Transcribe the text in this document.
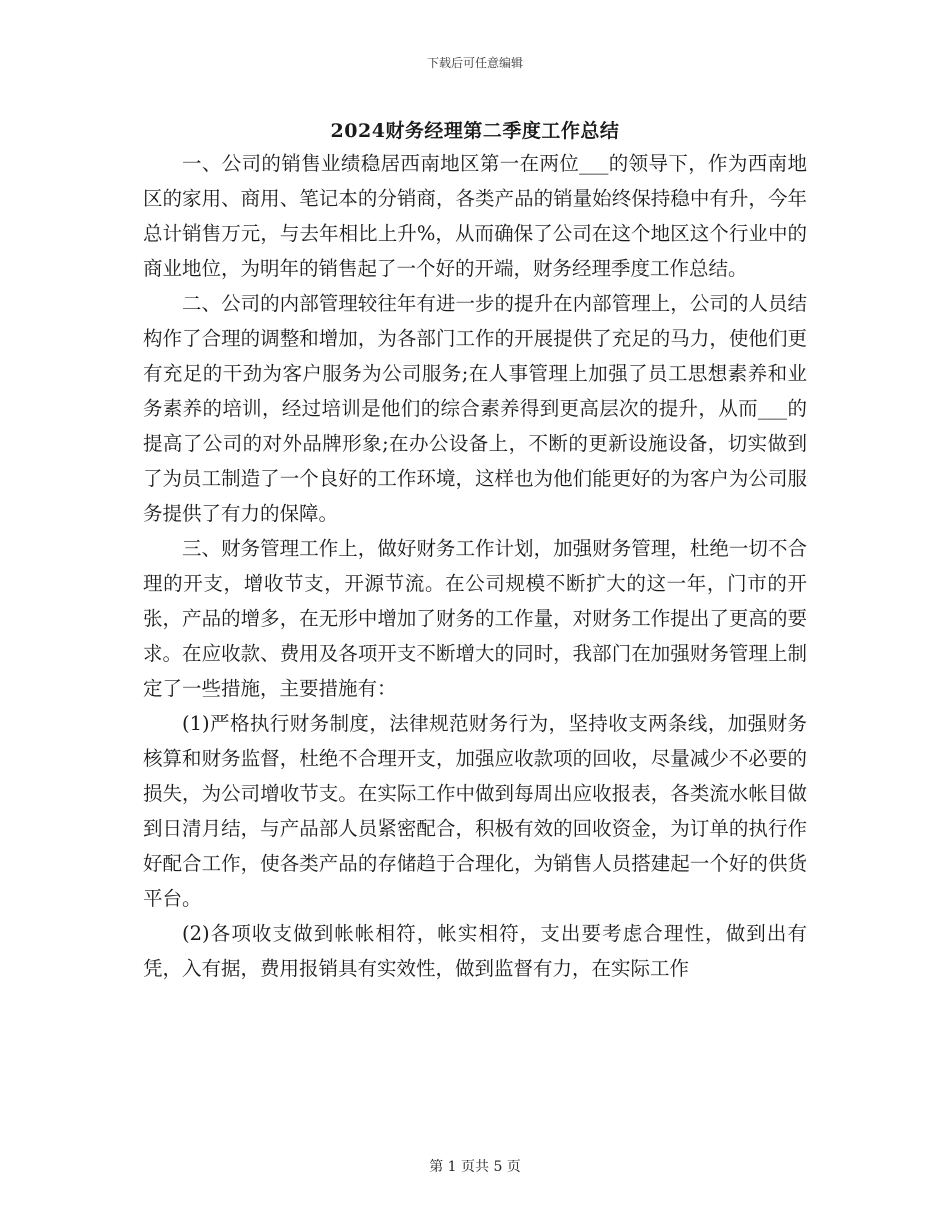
下载后可任意编辑
2024财务经理第二季度工作总结

一、公司的销售业绩稳居西南地区第一在两位___的领导下，作为西南地区的家用、商用、笔记本的分销商，各类产品的销量始终保持稳中有升，今年总计销售万元，与去年相比上升%，从而确保了公司在这个地区这个行业中的商业地位，为明年的销售起了一个好的开端，财务经理季度工作总结。

二、公司的内部管理较往年有进一步的提升在内部管理上，公司的人员结构作了合理的调整和增加，为各部门工作的开展提供了充足的马力，使他们更有充足的干劲为客户服务为公司服务;在人事管理上加强了员工思想素养和业务素养的培训，经过培训是他们的综合素养得到更高层次的提升，从而___的提高了公司的对外品牌形象;在办公设备上，不断的更新设施设备，切实做到了为员工制造了一个良好的工作环境，这样也为他们能更好的为客户为公司服务提供了有力的保障。

三、财务管理工作上，做好财务工作计划，加强财务管理，杜绝一切不合理的开支，增收节支，开源节流。在公司规模不断扩大的这一年，门市的开张，产品的增多，在无形中增加了财务的工作量，对财务工作提出了更高的要求。在应收款、费用及各项开支不断增大的同时，我部门在加强财务管理上制定了一些措施，主要措施有：

(1)严格执行财务制度，法律规范财务行为，坚持收支两条线，加强财务核算和财务监督，杜绝不合理开支，加强应收款项的回收，尽量减少不必要的损失，为公司增收节支。在实际工作中做到每周出应收报表，各类流水帐目做到日清月结，与产品部人员紧密配合，积极有效的回收资金，为订单的执行作好配合工作，使各类产品的存储趋于合理化，为销售人员搭建起一个好的供货平台。

(2)各项收支做到帐帐相符，帐实相符，支出要考虑合理性，做到出有凭，入有据，费用报销具有实效性，做到监督有力，在实际工作

第 1 页共 5 页
